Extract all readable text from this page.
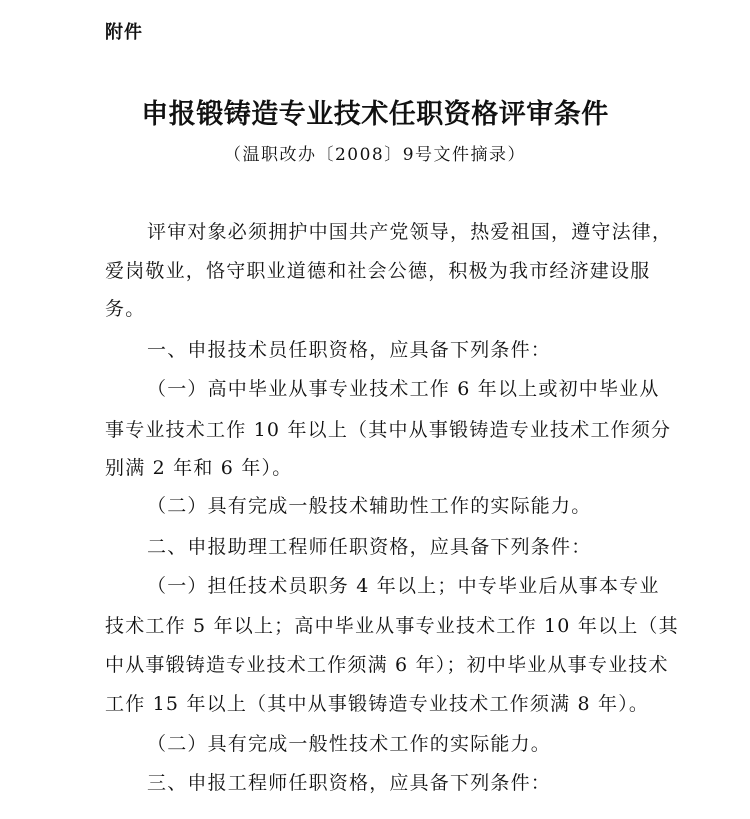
附件
申报锻铸造专业技术任职资格评审条件
（温职改办〔2008〕9号文件摘录）
评审对象必须拥护中国共产党领导，热爱祖国，遵守法律，
爱岗敬业，恪守职业道德和社会公德，积极为我市经济建设服
务。
一、申报技术员任职资格，应具备下列条件：
（一）高中毕业从事专业技术工作 6 年以上或初中毕业从
事专业技术工作 10 年以上（其中从事锻铸造专业技术工作须分
别满 2 年和 6 年）。
（二）具有完成一般技术辅助性工作的实际能力。
二、申报助理工程师任职资格，应具备下列条件：
（一）担任技术员职务 4 年以上；中专毕业后从事本专业
技术工作 5 年以上；高中毕业从事专业技术工作 10 年以上（其
中从事锻铸造专业技术工作须满 6 年）；初中毕业从事专业技术
工作 15 年以上（其中从事锻铸造专业技术工作须满 8 年）。
（二）具有完成一般性技术工作的实际能力。
三、申报工程师任职资格，应具备下列条件：
